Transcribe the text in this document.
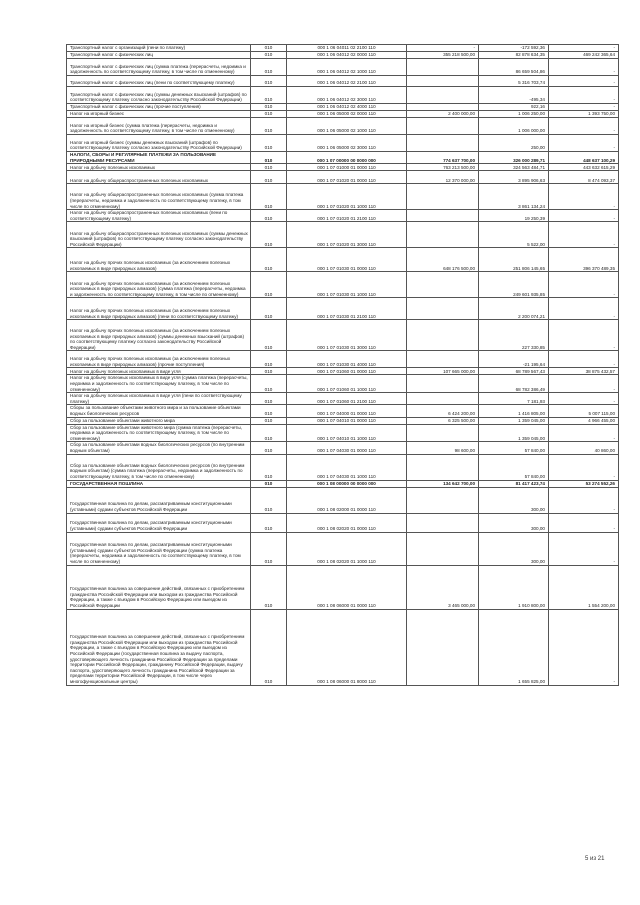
Транспортный налог с организаций (пени по платежу)	010	000 1 06 04011 02 2100 110	-	-172 592,36	-
Транспортный налог с физических лиц	010	000 1 06 04012 02 0000 110	355 218 500,00	82 878 634,35	469 242 365,64
Транспортный налог с физических лиц (сумма платежа (перерасчеты, недоимка и задолженность по соответствующему платежу, в том числе по отмененному)	010	000 1 06 04012 02 1000 110		86 659 504,86	-
Транспортный налог с физических лиц (пени по соответствующему платежу)	010	000 1 06 04012 02 2100 110		5 316 703,74	-
Транспортный налог с физических лиц (суммы денежных взысканий (штрафов) по соответствующему платежу согласно законодательству Российской Федерации)	010	000 1 06 04012 02 3000 110		-495,34	-
Транспортный налог с физических лиц (прочие поступления)	010	000 1 06 04012 02 4000 110		922,16	-
Налог на игорный бизнес	010	000 1 06 05000 02 0000 110	2 400 000,00	1 006 250,00	1 393 750,00
Налог на игорный бизнес (сумма платежа (перерасчеты, недоимка и задолженность по соответствующему платежу, в том числе по отмененному)	010	000 1 06 05000 02 1000 110		1 006 000,00	-
Налог на игорный бизнес (суммы денежных взысканий (штрафов) по соответствующему платежу согласно законодательству Российской Федерации)	010	000 1 06 05000 02 3000 110		250,00	-
НАЛОГИ, СБОРЫ И РЕГУЛЯРНЫЕ ПЛАТЕЖИ ЗА ПОЛЬЗОВАНИЕ ПРИРОДНЫМИ РЕСУРСАМИ	010	000 1 07 00000 00 0000 000	774 637 700,00	326 000 289,71	448 637 100,29
Налог на добычу полезных ископаемых	010	000 1 07 01000 01 0000 110	763 213 500,00	324 563 484,71	443 632 615,29
Налог на добычу общераспространенных полезных ископаемых	010	000 1 07 01020 01 0000 110	12 370 000,00	3 895 906,63	8 474 093,37
Налог на добычу общераспространенных полезных ископаемых (сумма платежа (перерасчеты, недоимка и задолженность по соответствующему платежу, в том числе по отмененному)	010	000 1 07 01020 01 1000 110		3 861 134,24	-
Налог на добычу общераспространенных полезных ископаемых (пени по соответствующему платежу)	010	000 1 07 01020 01 2100 110		19 250,39	-
Налог на добычу общераспространенных полезных ископаемых (суммы денежных взысканий (штрафов) по соответствующему платежу согласно законодательству Российской Федерации)	010	000 1 07 01020 01 3000 110		5 522,00	-
Налог на добычу прочих полезных ископаемых (за исключением полезных ископаемых в виде природных алмазов)	010	000 1 07 01030 01 0000 110	648 176 500,00	251 806 145,65	396 370 489,35
Налог на добычу прочих полезных ископаемых (за исключением полезных ископаемых в виде природных алмазов) (сумма платежа (перерасчеты, недоимка и задолженность по соответствующему платежу, в том числе по отмененному)	010	000 1 07 01030 01 1000 110		249 601 935,85	-
Налог на добычу прочих полезных ископаемых (за исключением полезных ископаемых в виде природных алмазов) (пени по соответствующему платежу)	010	000 1 07 01030 01 2100 110		2 200 074,21	-
Налог на добычу прочих полезных ископаемых (за исключением полезных ископаемых в виде природных алмазов) (суммы денежных взысканий (штрафов) по соответствующему платежу согласно законодательству Российской Федерации)	010	000 1 07 01030 01 3000 110		227 330,85	-
Налог на добычу прочих полезных ископаемых (за исключением полезных ископаемых в виде природных алмазов) (прочие поступления)	010	000 1 07 01030 01 4000 110		-21 195,64	-
Налог на добычу полезных ископаемых в виде угля	010	000 1 07 01060 01 0000 110	107 665 000,00	68 789 567,43	38 875 432,57
Налог на добычу полезных ископаемых в виде угля (сумма платежа (перерасчеты, недоимка и задолженность по соответствующему платежу, в том числе по отмененному)	010	000 1 07 01060 01 1000 110		68 782 386,49	-
Налог на добычу полезных ископаемых в виде угля (пени по соответствующему платежу)	010	000 1 07 01060 01 2100 110		7 181,93	-
Сборы за пользование объектами животного мира и за пользование объектами водных биологических ресурсов	010	000 1 07 04000 01 0000 110	6 424 200,00	1 416 805,00	5 007 115,00
Сбор за пользование объектами животного мира	010	000 1 07 04010 01 0000 110	6 325 500,00	1 359 045,00	4 966 455,00
Сбор за пользование объектами животного мира (сумма платежа (перерасчеты, недоимка и задолженность по соответствующему платежу, в том числе по отмененному)	010	000 1 07 04010 01 1000 110		1 359 045,00	-
Сбор за пользование объектами водных биологических ресурсов (по внутренним водным объектам)	010	000 1 07 04030 01 0000 110	98 600,00	57 840,00	40 860,00
Сбор за пользование объектами водных биологических ресурсов (по внутренним водным объектам) (сумма платежа (перерасчеты, недоимка и задолженность по соответствующему платежу, в том числе по отмененному)	010	000 1 07 04030 01 1000 110		57 840,00	-
ГОСУДАРСТВЕННАЯ ПОШЛИНА	010	000 1 08 00000 00 0000 000	134 642 700,00	81 417 423,74	53 274 552,26
Государственная пошлина по делам, рассматриваемым конституционными (уставными) судами субъектов Российской Федерации	010	000 1 08 02000 01 0000 110		300,00	-
Государственная пошлина по делам, рассматриваемым конституционными (уставными) судами субъектов Российской Федерации	010	000 1 08 02020 01 0000 110		300,00	-
Государственная пошлина по делам, рассматриваемым конституционными (уставными) судами субъектов Российской Федерации (сумма платежа (перерасчеты, недоимка и задолженность по соответствующему платежу, в том числе по отмененному)	010	000 1 08 02020 01 1000 110		300,00	-
Государственная пошлина за совершение действий, связанных с приобретением гражданства Российской Федерации или выходом из гражданства Российской Федерации, а также с въездом в Российскую Федерацию или выездом из Российской Федерации	010	000 1 08 06000 01 0000 110	3 465 000,00	1 910 800,00	1 554 200,00
Государственная пошлина за совершение действий, связанных с приобретением гражданства Российской Федерации или выходом из гражданства Российской Федерации, а также с въездом в Российскую Федерацию или выездом из Российской Федерации (государственная пошлина за выдачу паспорта, удостоверяющего личность гражданина Российской Федерации за пределами территории Российской Федерации, гражданину Российской Федерации, выдачу паспорта, удостоверяющего личность гражданина Российской Федерации за пределами территории Российской Федерации, в том числе через многофункциональные центры)	010	000 1 08 06000 01 8000 110		1 655 825,00	-
5 из 21
